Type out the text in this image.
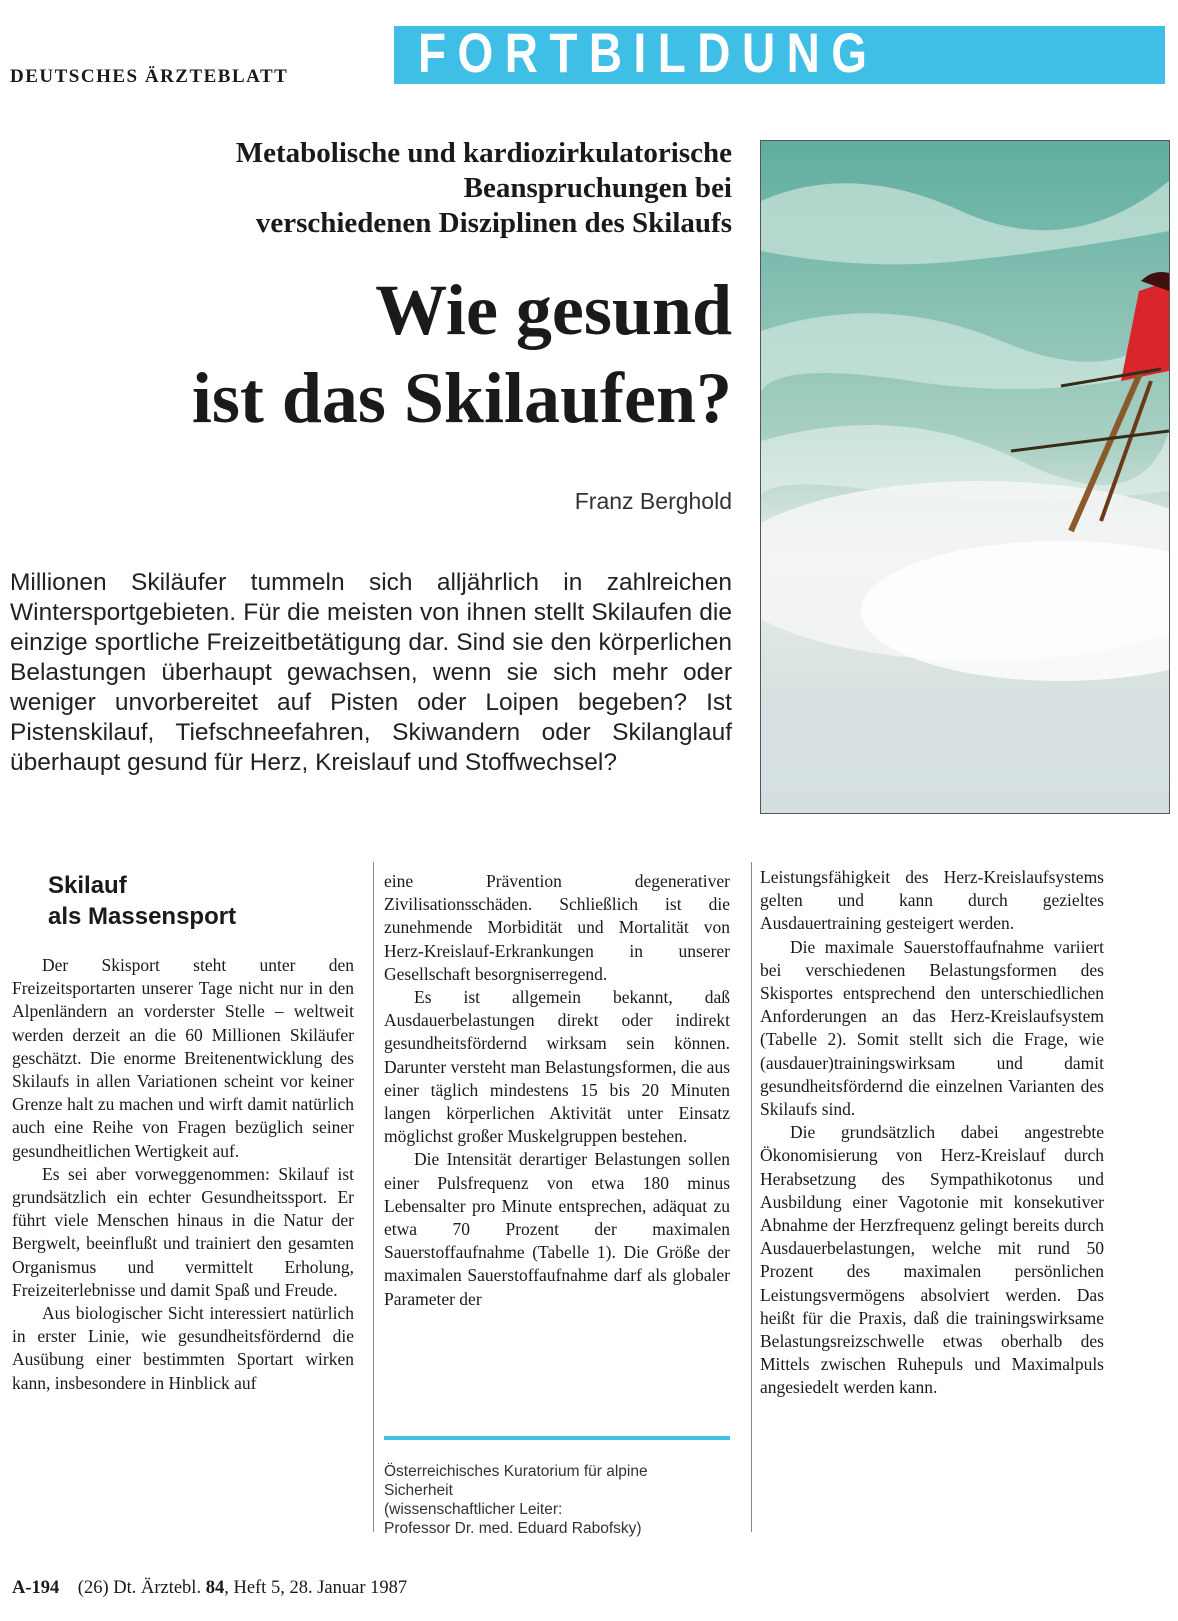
DEUTSCHES ÄRZTEBLATT FORTBILDUNG
Metabolische und kardiozirkulatorische
Beanspruchungen bei
verschiedenen Disziplinen des Skilaufs
Wie gesund
ist das Skilaufen?
Franz Berghold
Millionen Skiläufer tummeln sich alljährlich in zahlreichen Wintersportgebieten. Für die meisten von ihnen stellt Skilaufen die einzige sportliche Freizeitbetätigung dar. Sind sie den körperlichen Belastungen überhaupt gewachsen, wenn sie sich mehr oder weniger unvorbereitet auf Pisten oder Loipen begeben? Ist Pistenskilauf, Tiefschneefahren, Skiwandern oder Skilanglauf überhaupt gesund für Herz, Kreislauf und Stoffwechsel?
Skilauf
als Massensport

Der Skisport steht unter den Freizeitsportarten unserer Tage nicht nur in den Alpenländern an vorderster Stelle – weltweit werden derzeit an die 60 Millionen Skiläufer geschätzt. Die enorme Breitenentwicklung des Skilaufs in allen Variationen scheint vor keiner Grenze halt zu machen und wirft damit natürlich auch eine Reihe von Fragen bezüglich seiner gesundheitlichen Wertigkeit auf.

Es sei aber vorweggenommen: Skilauf ist grundsätzlich ein echter Gesundheitssport. Er führt viele Menschen hinaus in die Natur der Bergwelt, beeinflußt und trainiert den gesamten Organismus und vermittelt Erholung, Freizeiterlebnisse und damit Spaß und Freude.

Aus biologischer Sicht interessiert natürlich in erster Linie, wie gesundheitsfördernd die Ausübung einer bestimmten Sportart wirken kann, insbesondere in Hinblick auf

eine Prävention degenerativer Zivilisationsschäden. Schließlich ist die zunehmende Morbidität und Mortalität von Herz-Kreislauf-Erkrankungen in unserer Gesellschaft besorgniserregend.

Es ist allgemein bekannt, daß Ausdauerbelastungen direkt oder indirekt gesundheitsfördernd wirksam sein können. Darunter versteht man Belastungsformen, die aus einer täglich mindestens 15 bis 20 Minuten langen körperlichen Aktivität unter Einsatz möglichst großer Muskelgruppen bestehen.

Die Intensität derartiger Belastungen sollen einer Pulsfrequenz von etwa 180 minus Lebensalter pro Minute entsprechen, adäquat zu etwa 70 Prozent der maximalen Sauerstoffaufnahme (Tabelle 1). Die Größe der maximalen Sauerstoffaufnahme darf als globaler Parameter der

Österreichisches Kuratorium für alpine
Sicherheit
(wissenschaftlicher Leiter:
Professor Dr. med. Eduard Rabofsky)

Leistungsfähigkeit des Herz-Kreislaufsystems gelten und kann durch gezieltes Ausdauertraining gesteigert werden.

Die maximale Sauerstoffaufnahme variiert bei verschiedenen Belastungsformen des Skisportes entsprechend den unterschiedlichen Anforderungen an das Herz-Kreislaufsystem (Tabelle 2). Somit stellt sich die Frage, wie (ausdauer)trainingswirksam und damit gesundheitsfördernd die einzelnen Varianten des Skilaufs sind.

Die grundsätzlich dabei angestrebte Ökonomisierung von Herz-Kreislauf durch Herabsetzung des Sympathikotonus und Ausbildung einer Vagotonie mit konsekutiver Abnahme der Herzfrequenz gelingt bereits durch Ausdauerbelastungen, welche mit rund 50 Prozent des maximalen persönlichen Leistungsvermögens absolviert werden. Das heißt für die Praxis, daß die trainingswirksame Belastungsreizschwelle etwas oberhalb des Mittels zwischen Ruhepuls und Maximalpuls angesiedelt werden kann.

A-194 (26) Dt. Ärztebl. 84, Heft 5, 28. Januar 1987
